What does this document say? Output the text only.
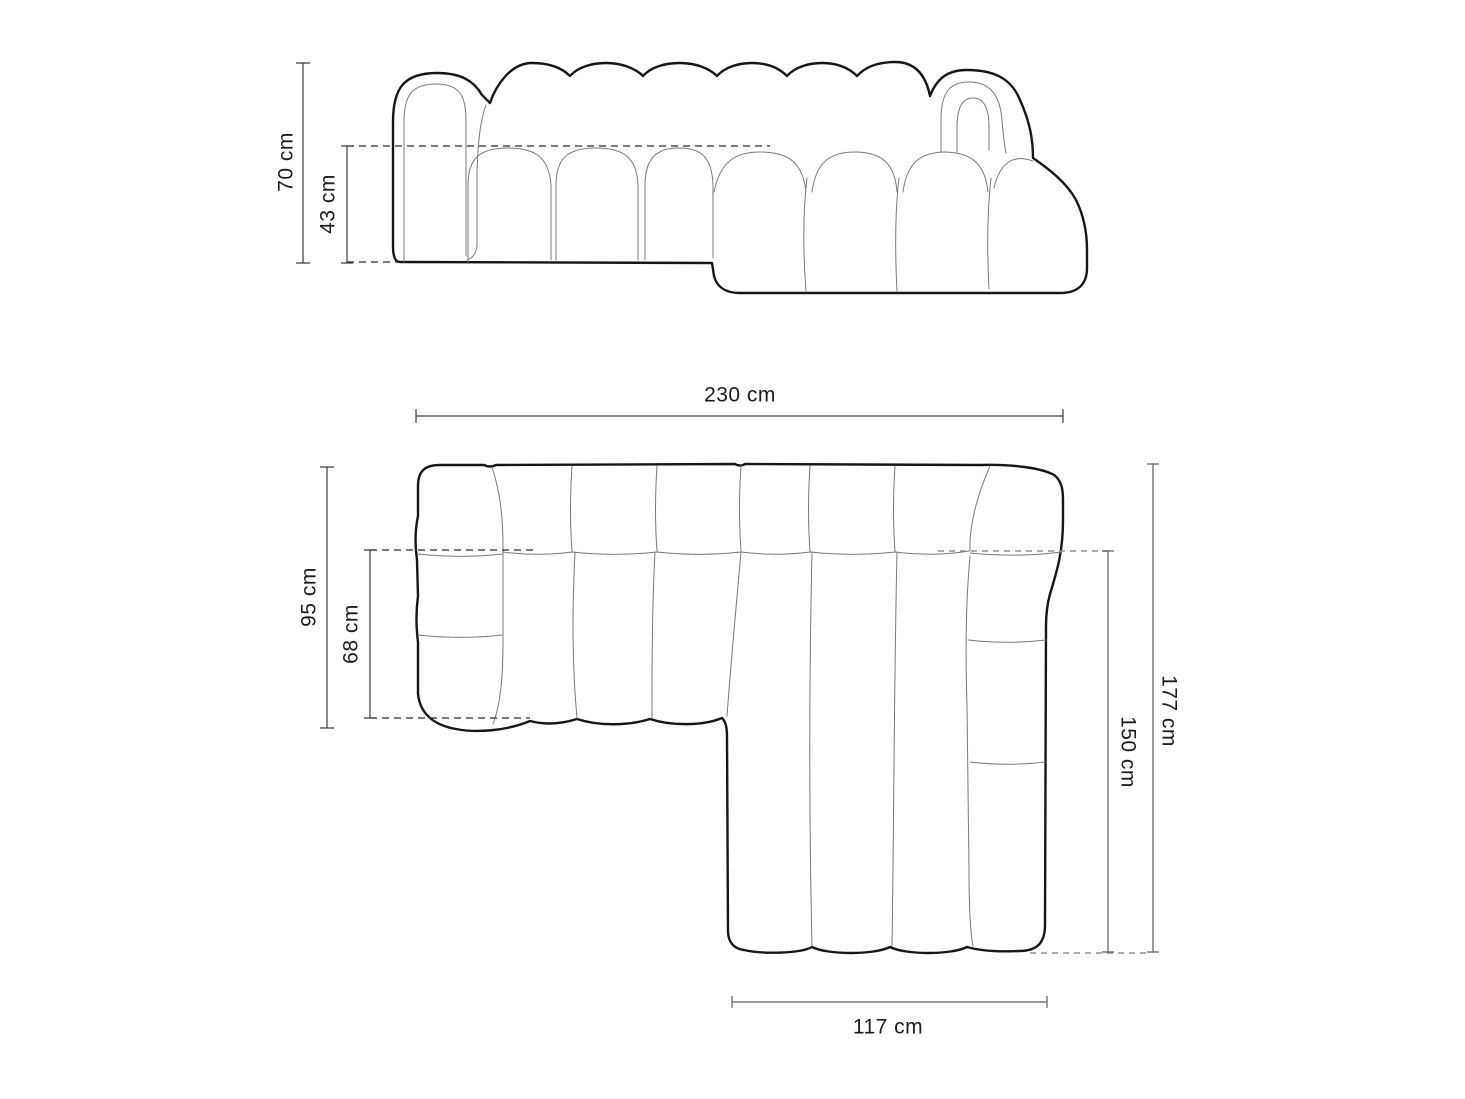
70 cm
43 cm
230 cm
95 cm
68 cm
177 cm
150 cm
117 cm
